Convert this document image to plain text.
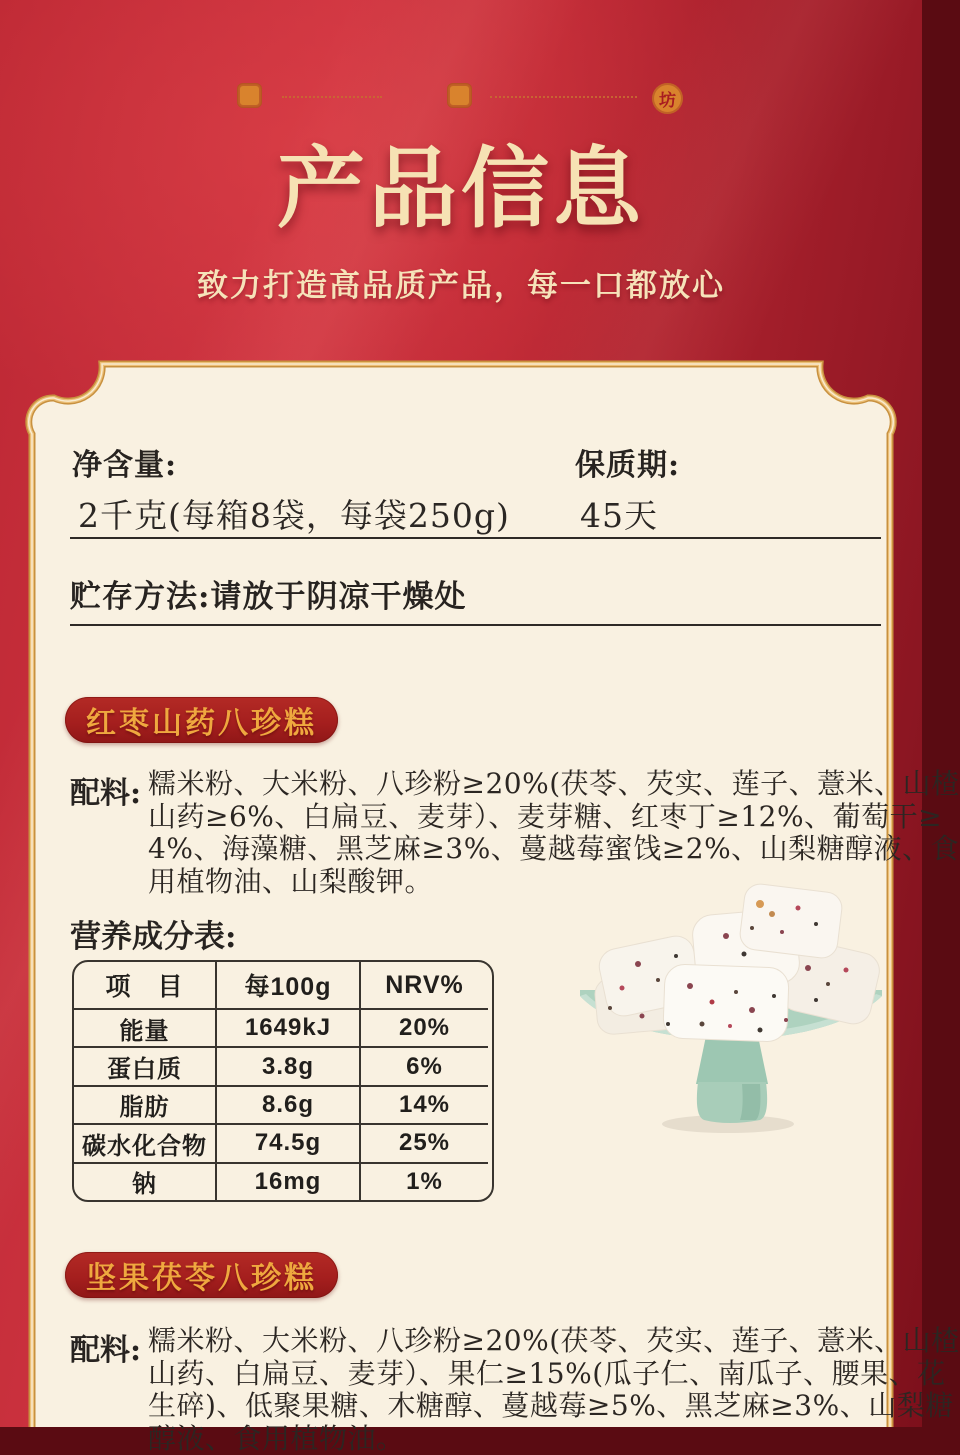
坊
产品信息
致力打造高品质产品，每一口都放心
净含量:	保质期:
2千克(每箱8袋，每袋250g) 45天
贮存方法:请放于阴凉干燥处
红枣山药八珍糕
配料: 糯米粉、大米粉、八珍粉≥20%(茯苓、芡实、莲子、薏米、山楂
山药≥6%、白扁豆、麦芽）、麦芽糖、红枣丁≥12%、葡萄干≥
4%、海藻糖、黑芝麻≥3%、蔓越莓蜜饯≥2%、山梨糖醇液、食
用植物油、山梨酸钾。
营养成分表:
项　目	每100g	NRV%
能量	1649kJ	20%
蛋白质	3.8g	6%
脂肪	8.6g	14%
碳水化合物	74.5g	25%
钠	16mg	1%
坚果茯苓八珍糕
配料: 糯米粉、大米粉、八珍粉≥20%(茯苓、芡实、莲子、薏米、山楂
山药、白扁豆、麦芽）、果仁≥15%(瓜子仁、南瓜子、腰果、花
生碎)、低聚果糖、木糖醇、蔓越莓≥5%、黑芝麻≥3%、山梨糖
醇液、食用植物油。
